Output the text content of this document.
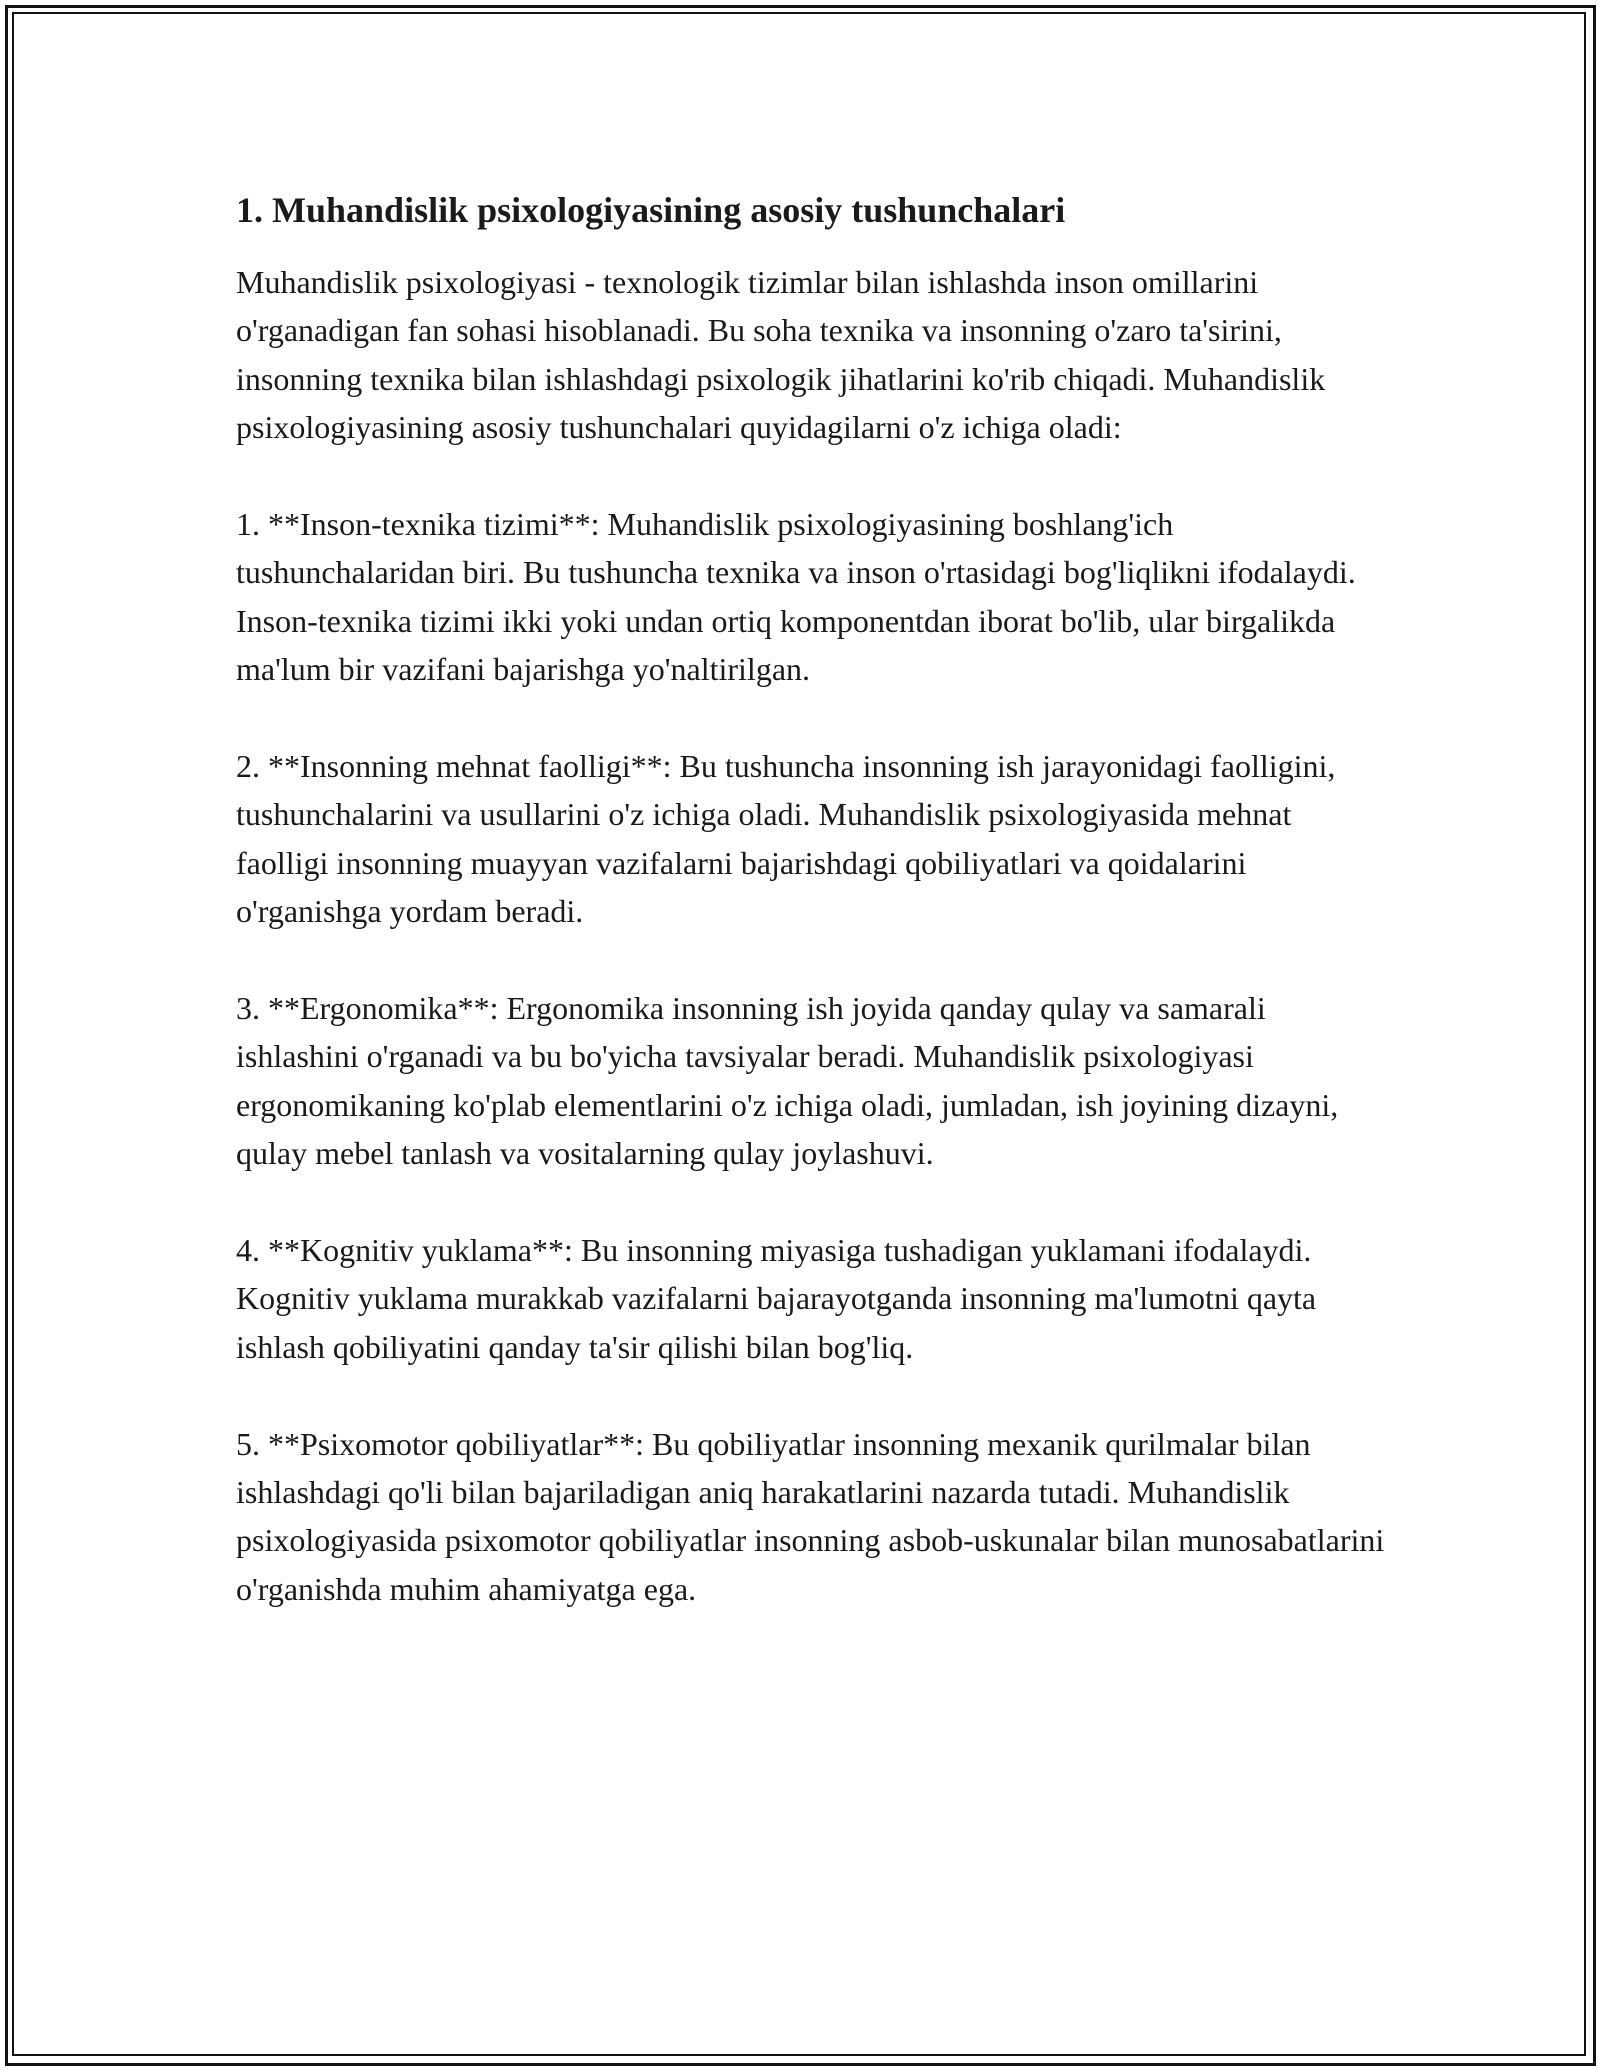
1. Muhandislik psixologiyasining asosiy tushunchalari

Muhandislik psixologiyasi - texnologik tizimlar bilan ishlashda inson omillarini o'rganadigan fan sohasi hisoblanadi. Bu soha texnika va insonning o'zaro ta'sirini, insonning texnika bilan ishlashdagi psixologik jihatlarini ko'rib chiqadi. Muhandislik psixologiyasining asosiy tushunchalari quyidagilarni o'z ichiga oladi:

1. **Inson-texnika tizimi**: Muhandislik psixologiyasining boshlang'ich tushunchalaridan biri. Bu tushuncha texnika va inson o'rtasidagi bog'liqlikni ifodalaydi. Inson-texnika tizimi ikki yoki undan ortiq komponentdan iborat bo'lib, ular birgalikda ma'lum bir vazifani bajarishga yo'naltirilgan.

2. **Insonning mehnat faolligi**: Bu tushuncha insonning ish jarayonidagi faolligini, tushunchalarini va usullarini o'z ichiga oladi. Muhandislik psixologiyasida mehnat faolligi insonning muayyan vazifalarni bajarishdagi qobiliyatlari va qoidalarini o'rganishga yordam beradi.

3. **Ergonomika**: Ergonomika insonning ish joyida qanday qulay va samarali ishlashini o'rganadi va bu bo'yicha tavsiyalar beradi. Muhandislik psixologiyasi ergonomikaning ko'plab elementlarini o'z ichiga oladi, jumladan, ish joyining dizayni, qulay mebel tanlash va vositalarning qulay joylashuvi.

4. **Kognitiv yuklama**: Bu insonning miyasiga tushadigan yuklamani ifodalaydi. Kognitiv yuklama murakkab vazifalarni bajarayotganda insonning ma'lumotni qayta ishlash qobiliyatini qanday ta'sir qilishi bilan bog'liq.

5. **Psixomotor qobiliyatlar**: Bu qobiliyatlar insonning mexanik qurilmalar bilan ishlashdagi qo'li bilan bajariladigan aniq harakatlarini nazarda tutadi. Muhandislik psixologiyasida psixomotor qobiliyatlar insonning asbob-uskunalar bilan munosabatlarini o'rganishda muhim ahamiyatga ega.
